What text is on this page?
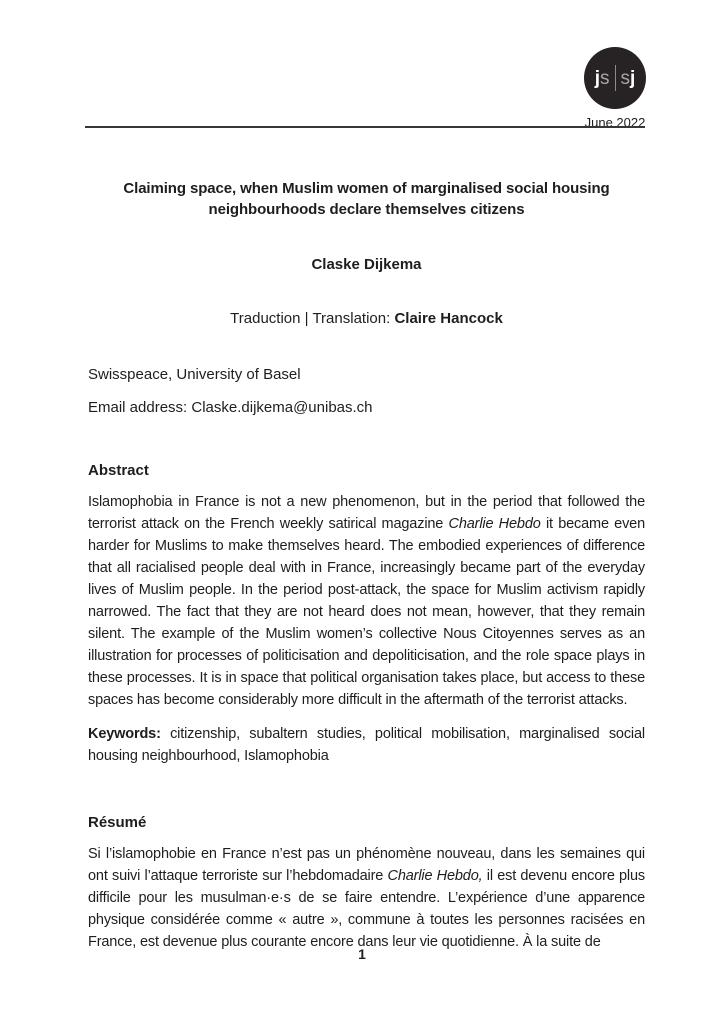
j s s j
June 2022
Claiming space, when Muslim women of marginalised social housing neighbourhoods declare themselves citizens
Claske Dijkema
Traduction | Translation: Claire Hancock

Swisspeace, University of Basel

Email address: Claske.dijkema@unibas.ch

Abstract

Islamophobia in France is not a new phenomenon, but in the period that followed the terrorist attack on the French weekly satirical magazine Charlie Hebdo it became even harder for Muslims to make themselves heard. The embodied experiences of difference that all racialised people deal with in France, increasingly became part of the everyday lives of Muslim people. In the period post-attack, the space for Muslim activism rapidly narrowed. The fact that they are not heard does not mean, however, that they remain silent. The example of the Muslim women’s collective Nous Citoyennes serves as an illustration for processes of politicisation and depoliticisation, and the role space plays in these processes. It is in space that political organisation takes place, but access to these spaces has become considerably more difficult in the aftermath of the terrorist attacks.

Keywords: citizenship, subaltern studies, political mobilisation, marginalised social housing neighbourhood, Islamophobia

Résumé

Si l’islamophobie en France n’est pas un phénomène nouveau, dans les semaines qui ont suivi l’attaque terroriste sur l’hebdomadaire Charlie Hebdo, il est devenu encore plus difficile pour les musulman·e·s de se faire entendre. L’expérience d’une apparence physique considérée comme « autre », commune à toutes les personnes racisées en France, est devenue plus courante encore dans leur vie quotidienne. À la suite de

1
